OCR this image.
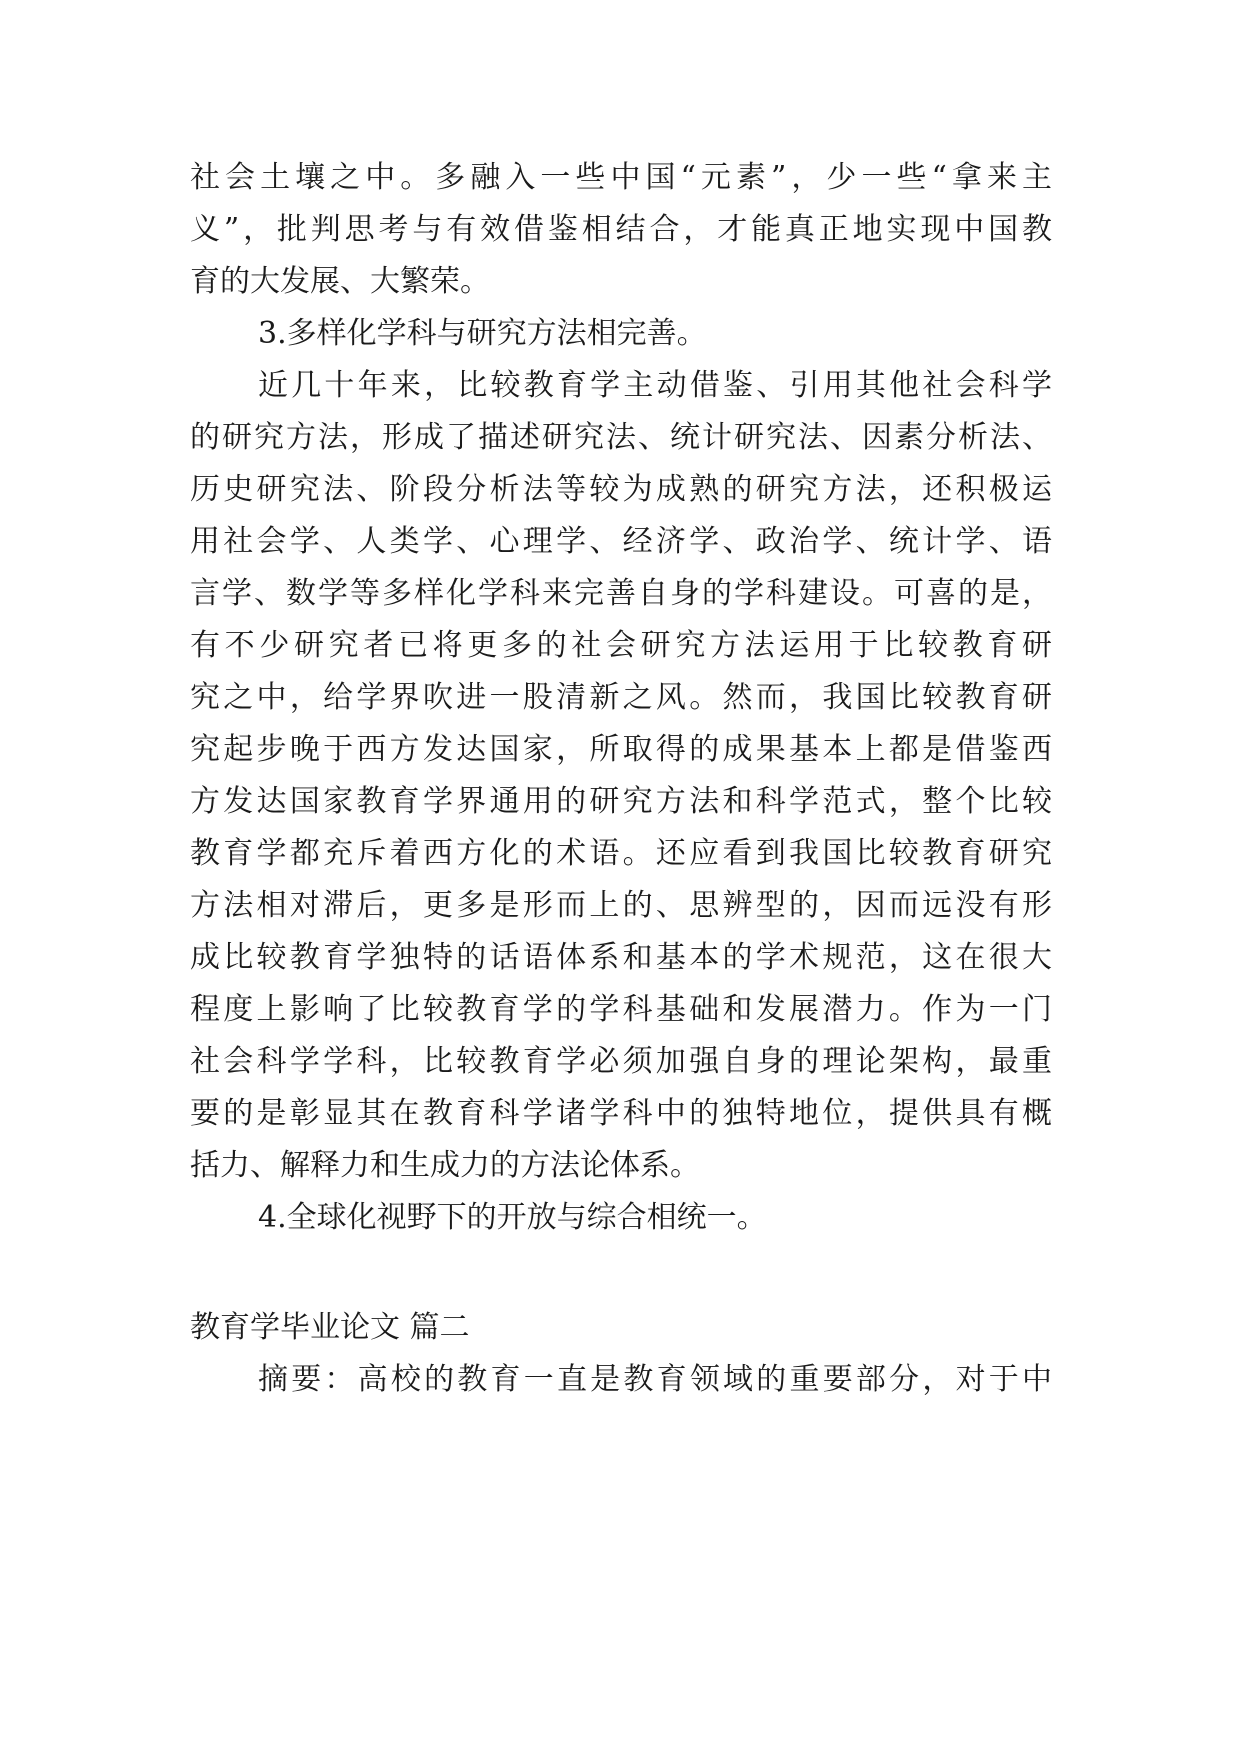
社会土壤之中。多融入一些中国“元素”，少一些“拿来主
义”，批判思考与有效借鉴相结合，才能真正地实现中国教
育的大发展、大繁荣。
3.多样化学科与研究方法相完善。
近几十年来，比较教育学主动借鉴、引用其他社会科学
的研究方法，形成了描述研究法、统计研究法、因素分析法、
历史研究法、阶段分析法等较为成熟的研究方法，还积极运
用社会学、人类学、心理学、经济学、政治学、统计学、语
言学、数学等多样化学科来完善自身的学科建设。可喜的是，
有不少研究者已将更多的社会研究方法运用于比较教育研
究之中，给学界吹进一股清新之风。然而，我国比较教育研
究起步晚于西方发达国家，所取得的成果基本上都是借鉴西
方发达国家教育学界通用的研究方法和科学范式，整个比较
教育学都充斥着西方化的术语。还应看到我国比较教育研究
方法相对滞后，更多是形而上的、思辨型的，因而远没有形
成比较教育学独特的话语体系和基本的学术规范，这在很大
程度上影响了比较教育学的学科基础和发展潜力。作为一门
社会科学学科，比较教育学必须加强自身的理论架构，最重
要的是彰显其在教育科学诸学科中的独特地位，提供具有概
括力、解释力和生成力的方法论体系。
4.全球化视野下的开放与综合相统一。
教育学毕业论文 篇二
摘要：高校的教育一直是教育领域的重要部分，对于中
